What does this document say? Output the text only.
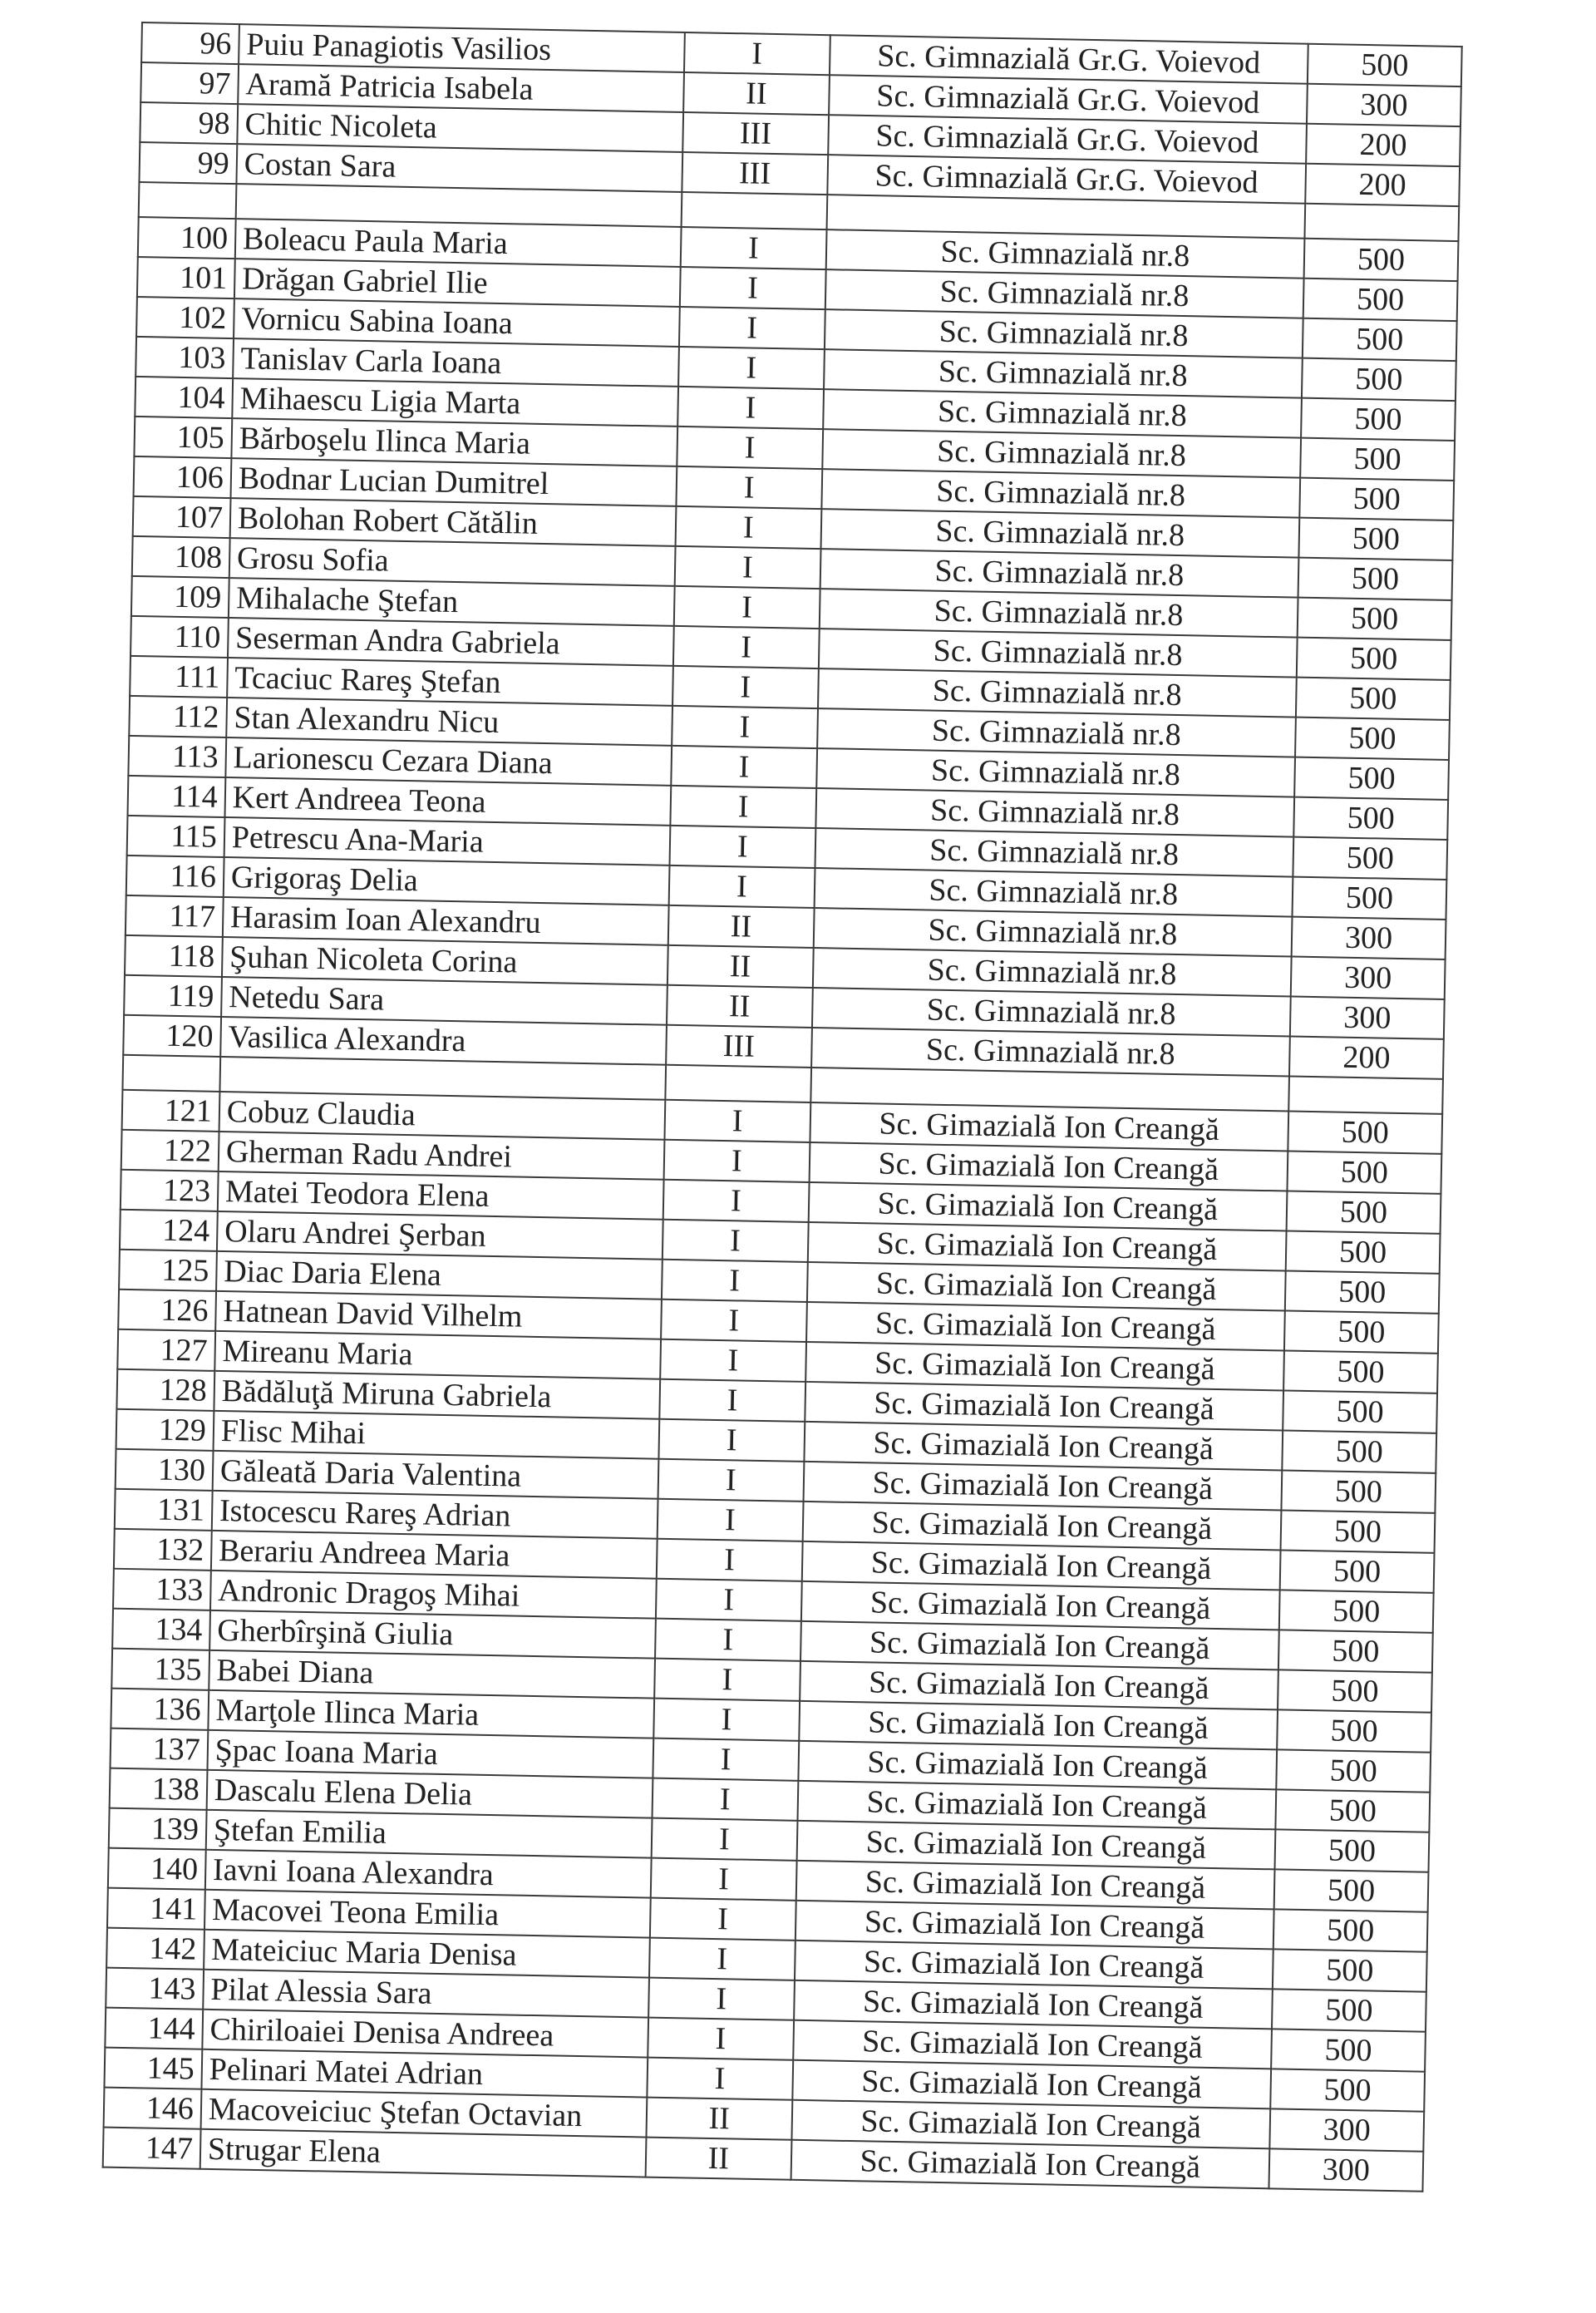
96	Puiu Panagiotis Vasilios	I	Sc. Gimnazială Gr.G. Voievod	500
97	Aramă Patricia Isabela	II	Sc. Gimnazială Gr.G. Voievod	300
98	Chitic Nicoleta	III	Sc. Gimnazială Gr.G. Voievod	200
99	Costan Sara	III	Sc. Gimnazială Gr.G. Voievod	200

100	Boleacu Paula Maria	I	Sc. Gimnazială nr.8	500
101	Drăgan Gabriel Ilie	I	Sc. Gimnazială nr.8	500
102	Vornicu Sabina Ioana	I	Sc. Gimnazială nr.8	500
103	Tanislav Carla Ioana	I	Sc. Gimnazială nr.8	500
104	Mihaescu Ligia Marta	I	Sc. Gimnazială nr.8	500
105	Bărboşelu Ilinca Maria	I	Sc. Gimnazială nr.8	500
106	Bodnar Lucian Dumitrel	I	Sc. Gimnazială nr.8	500
107	Bolohan Robert Cătălin	I	Sc. Gimnazială nr.8	500
108	Grosu Sofia	I	Sc. Gimnazială nr.8	500
109	Mihalache Ştefan	I	Sc. Gimnazială nr.8	500
110	Seserman Andra Gabriela	I	Sc. Gimnazială nr.8	500
111	Tcaciuc Rareş Ştefan	I	Sc. Gimnazială nr.8	500
112	Stan Alexandru Nicu	I	Sc. Gimnazială nr.8	500
113	Larionescu Cezara Diana	I	Sc. Gimnazială nr.8	500
114	Kert Andreea Teona	I	Sc. Gimnazială nr.8	500
115	Petrescu Ana-Maria	I	Sc. Gimnazială nr.8	500
116	Grigoraş Delia	I	Sc. Gimnazială nr.8	500
117	Harasim Ioan Alexandru	II	Sc. Gimnazială nr.8	300
118	Şuhan Nicoleta Corina	II	Sc. Gimnazială nr.8	300
119	Netedu Sara	II	Sc. Gimnazială nr.8	300
120	Vasilica Alexandra	III	Sc. Gimnazială nr.8	200

121	Cobuz Claudia	I	Sc. Gimazială Ion Creangă	500
122	Gherman Radu Andrei	I	Sc. Gimazială Ion Creangă	500
123	Matei Teodora Elena	I	Sc. Gimazială Ion Creangă	500
124	Olaru Andrei Şerban	I	Sc. Gimazială Ion Creangă	500
125	Diac Daria Elena	I	Sc. Gimazială Ion Creangă	500
126	Hatnean David Vilhelm	I	Sc. Gimazială Ion Creangă	500
127	Mireanu Maria	I	Sc. Gimazială Ion Creangă	500
128	Bădăluţă Miruna Gabriela	I	Sc. Gimazială Ion Creangă	500
129	Flisc Mihai	I	Sc. Gimazială Ion Creangă	500
130	Găleată Daria Valentina	I	Sc. Gimazială Ion Creangă	500
131	Istocescu Rareş Adrian	I	Sc. Gimazială Ion Creangă	500
132	Berariu Andreea Maria	I	Sc. Gimazială Ion Creangă	500
133	Andronic Dragoş Mihai	I	Sc. Gimazială Ion Creangă	500
134	Gherbîrşină Giulia	I	Sc. Gimazială Ion Creangă	500
135	Babei Diana	I	Sc. Gimazială Ion Creangă	500
136	Marţole Ilinca Maria	I	Sc. Gimazială Ion Creangă	500
137	Şpac Ioana Maria	I	Sc. Gimazială Ion Creangă	500
138	Dascalu Elena Delia	I	Sc. Gimazială Ion Creangă	500
139	Ştefan Emilia	I	Sc. Gimazială Ion Creangă	500
140	Iavni Ioana Alexandra	I	Sc. Gimazială Ion Creangă	500
141	Macovei Teona Emilia	I	Sc. Gimazială Ion Creangă	500
142	Mateiciuc Maria Denisa	I	Sc. Gimazială Ion Creangă	500
143	Pilat Alessia Sara	I	Sc. Gimazială Ion Creangă	500
144	Chiriloaiei Denisa Andreea	I	Sc. Gimazială Ion Creangă	500
145	Pelinari Matei Adrian	I	Sc. Gimazială Ion Creangă	500
146	Macoveiciuc Ştefan Octavian	II	Sc. Gimazială Ion Creangă	300
147	Strugar Elena	II	Sc. Gimazială Ion Creangă	300
